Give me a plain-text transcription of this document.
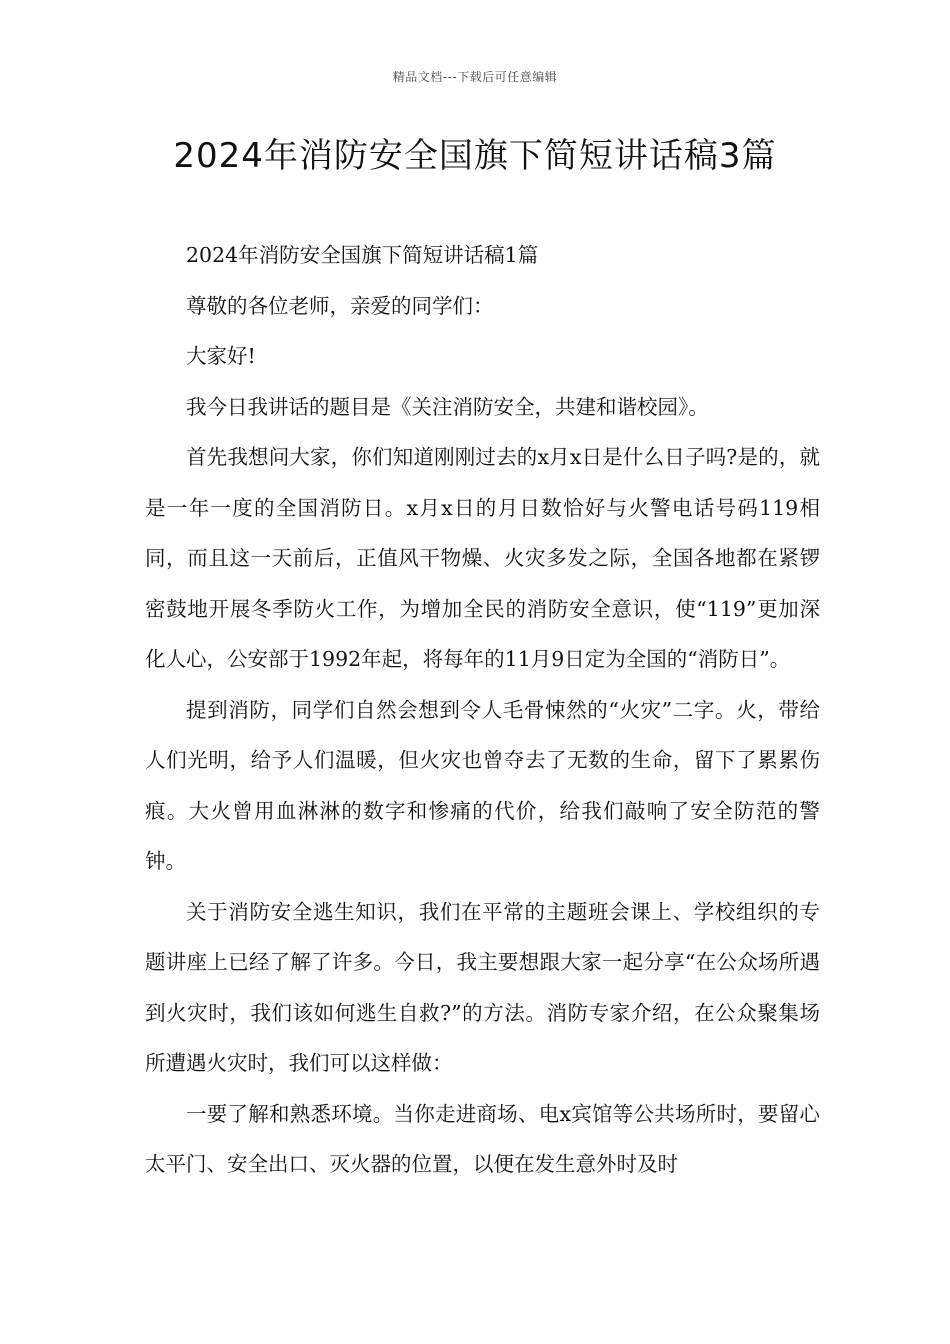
精品文档---下载后可任意编辑
2024年消防安全国旗下简短讲话稿3篇

2024年消防安全国旗下简短讲话稿1篇

尊敬的各位老师，亲爱的同学们：

大家好!

我今日我讲话的题目是《关注消防安全，共建和谐校园》。

首先我想问大家，你们知道刚刚过去的x月x日是什么日子吗?是的，就是一年一度的全国消防日。x月x日的月日数恰好与火警电话号码119相同，而且这一天前后，正值风干物燥、火灾多发之际，全国各地都在紧锣密鼓地开展冬季防火工作，为增加全民的消防安全意识，使“119”更加深化人心，公安部于1992年起，将每年的11月9日定为全国的“消防日”。

提到消防，同学们自然会想到令人毛骨悚然的“火灾”二字。火，带给人们光明，给予人们温暖，但火灾也曾夺去了无数的生命，留下了累累伤痕。大火曾用血淋淋的数字和惨痛的代价，给我们敲响了安全防范的警钟。

关于消防安全逃生知识，我们在平常的主题班会课上、学校组织的专题讲座上已经了解了许多。今日，我主要想跟大家一起分享“在公众场所遇到火灾时，我们该如何逃生自救?”的方法。消防专家介绍，在公众聚集场所遭遇火灾时，我们可以这样做：

一要了解和熟悉环境。当你走进商场、电x宾馆等公共场所时，要留心太平门、安全出口、灭火器的位置，以便在发生意外时及时
